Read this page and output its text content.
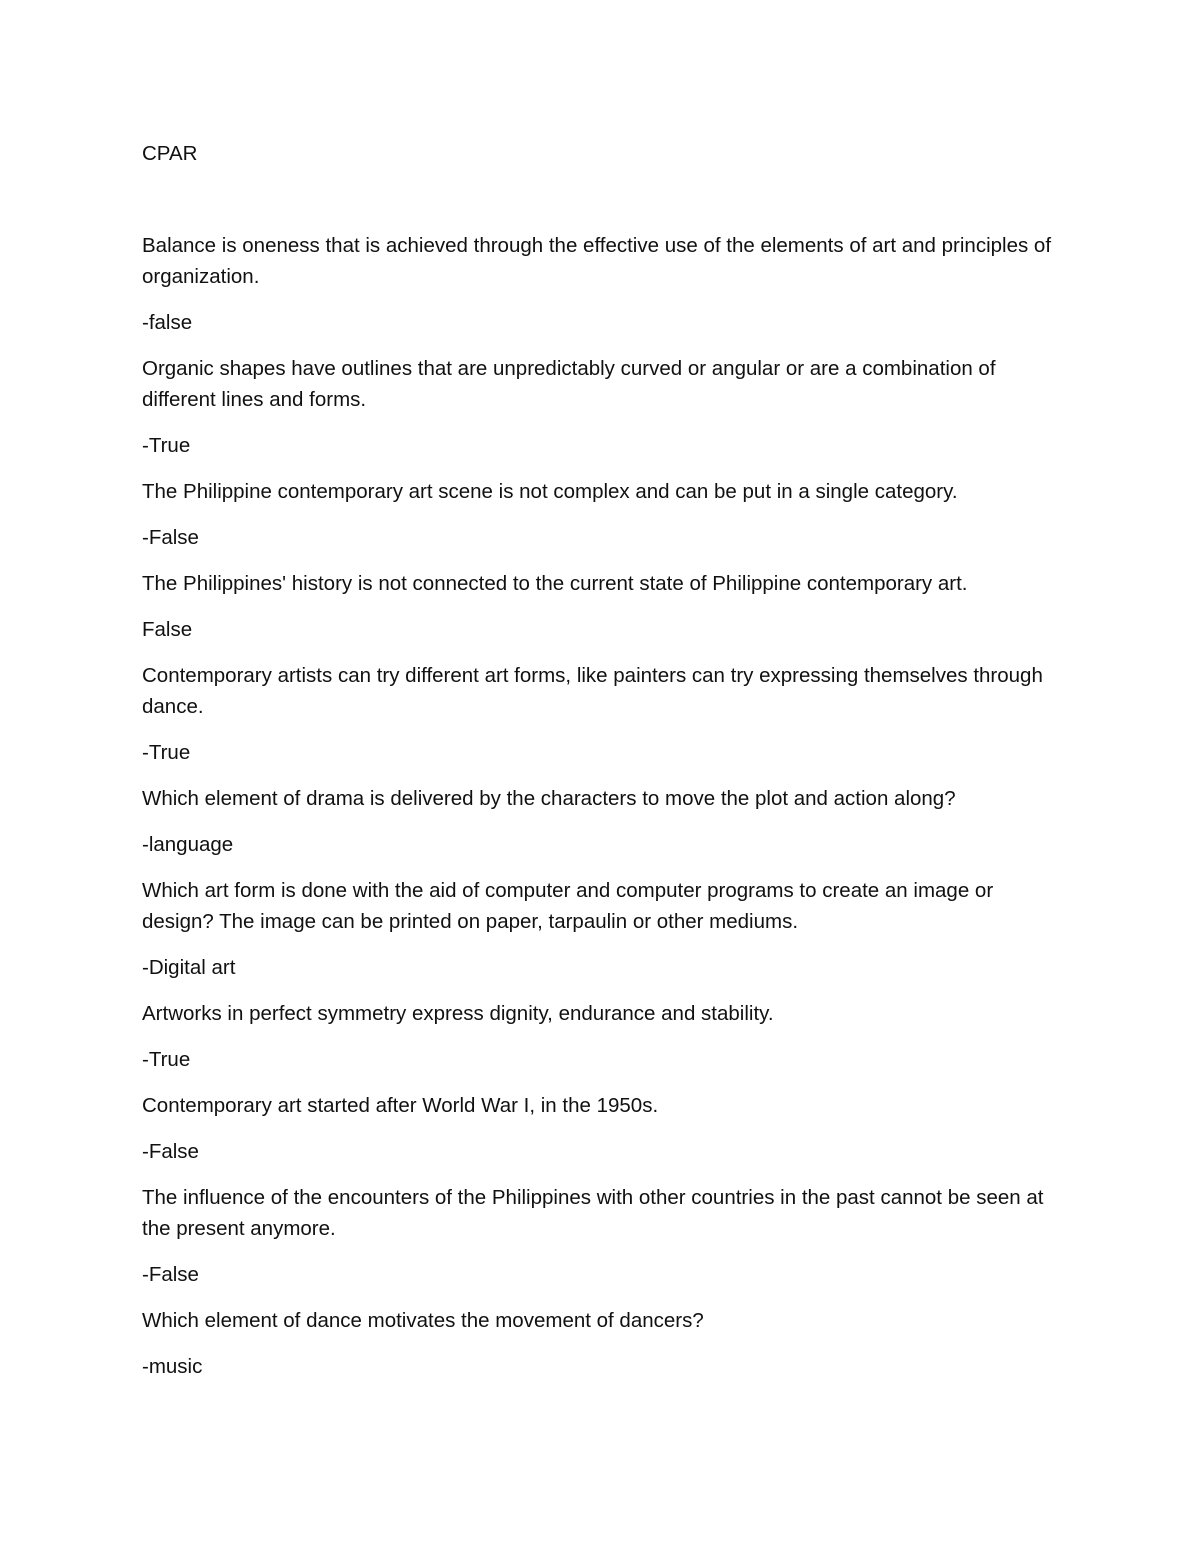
CPAR

Balance is oneness that is achieved through the effective use of the elements of art and principles of organization.

-false

Organic shapes have outlines that are unpredictably curved or angular or are a combination of different lines and forms.

-True

The Philippine contemporary art scene is not complex and can be put in a single category.

-False

The Philippines' history is not connected to the current state of Philippine contemporary art.

False

Contemporary artists can try different art forms, like painters can try expressing themselves through dance.

-True

Which element of drama is delivered by the characters to move the plot and action along?

-language

Which art form is done with the aid of computer and computer programs to create an image or design? The image can be printed on paper, tarpaulin or other mediums.

-Digital art

Artworks in perfect symmetry express dignity, endurance and stability.

-True

Contemporary art started after World War I, in the 1950s.

-False

The influence of the encounters of the Philippines with other countries in the past cannot be seen at the present anymore.

-False

Which element of dance motivates the movement of dancers?

-music
